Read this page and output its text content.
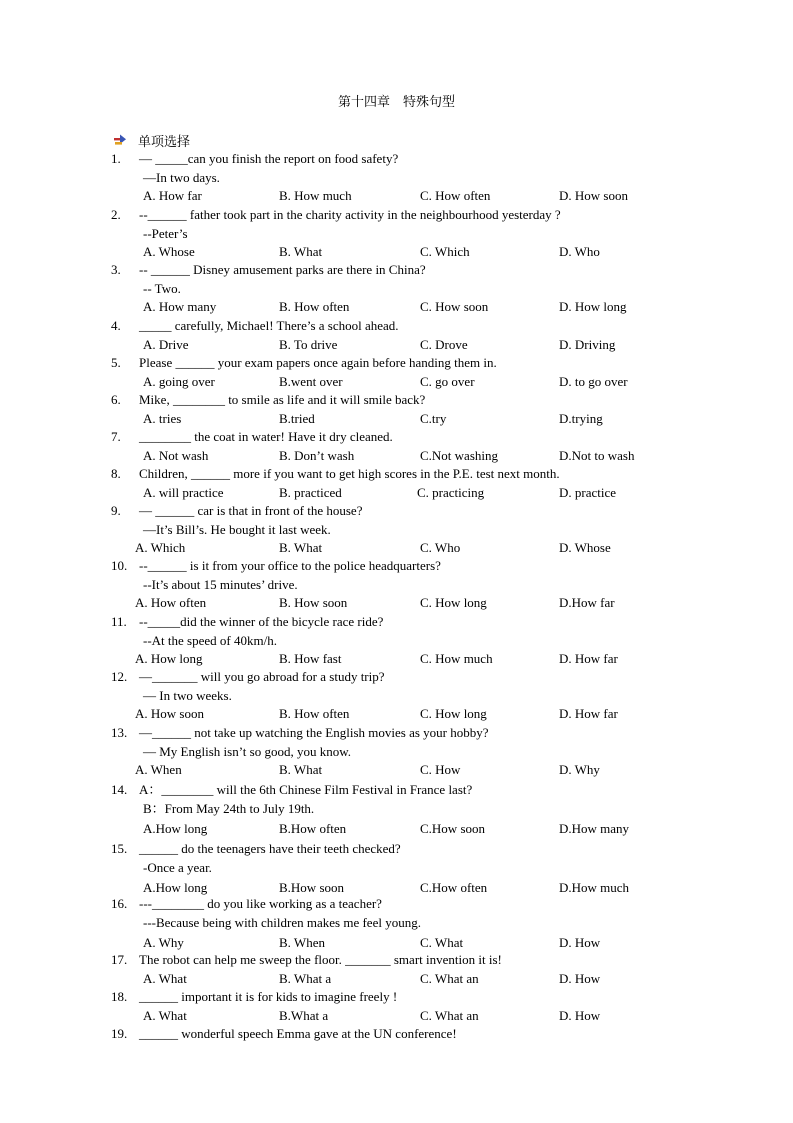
第十四章　特殊句型
单项选择
1. — _____can you finish the report on food safety?
—In two days.
A. How far	B. How much	C. How often	D. How soon
2. --______ father took part in the charity activity in the neighbourhood yesterday ?
--Peter’s
A. Whose	B. What	C. Which	D. Who
3. -- ______ Disney amusement parks are there in China?
-- Two.
A. How many	B. How often	C. How soon	D. How long
4. _____ carefully, Michael! There’s a school ahead.
A. Drive	B. To drive	C. Drove	D. Driving
5. Please ______ your exam papers once again before handing them in.
A. going over	B.went over	C. go over	D. to go over
6. Mike, ________ to smile as life and it will smile back?
A. tries	B.tried	C.try	D.trying
7. ________ the coat in water! Have it dry cleaned.
A. Not wash	B. Don’t wash	C.Not washing	D.Not to wash
8. Children, ______ more if you want to get high scores in the P.E. test next month.
A. will practice	B. practiced	C. practicing	D. practice
9. — ______ car is that in front of the house?
—It’s Bill’s. He bought it last week.
A. Which	B. What	C. Who	D. Whose
10. --______ is it from your office to the police headquarters?
--It’s about 15 minutes’ drive.
A. How often	B. How soon	C. How long	D.How far
11. --_____did the winner of the bicycle race ride?
--At the speed of 40km/h.
A. How long	B. How fast	C. How much	D. How far
12. —_______ will you go abroad for a study trip?
— In two weeks.
A. How soon	B. How often	C. How long	D. How far
13. —______ not take up watching the English movies as your hobby?
— My English isn’t so good, you know.
A. When	B. What	C. How	D. Why
14. A：________ will the 6th Chinese Film Festival in France last?
B：From May 24th to July 19th.
A.How long	B.How often	C.How soon	D.How many
15. ______ do the teenagers have their teeth checked?
-Once a year.
A.How long	B.How soon	C.How often	D.How much
16. ---________ do you like working as a teacher?
---Because being with children makes me feel young.
A. Why	B. When	C. What	D. How
17. The robot can help me sweep the floor. _______ smart invention it is!
A. What	B. What a	C. What an	D. How
18. ______ important it is for kids to imagine freely !
A. What	B.What a	C. What an	D. How
19. ______ wonderful speech Emma gave at the UN conference!
